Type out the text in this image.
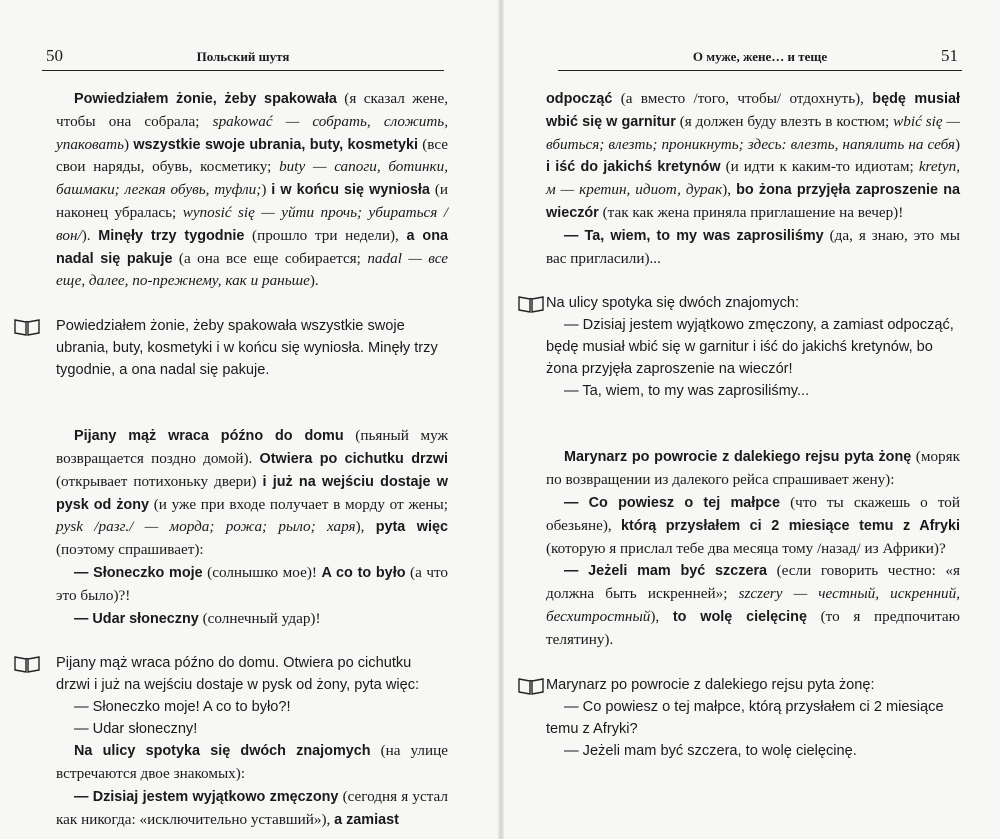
50	Польский шутя

Powiedziałem żonie, żeby spakowała (я сказал жене, чтобы она собрала; spakować — собрать, сложить, упаковать) wszystkie swoje ubrania, buty, kosmetyki (все свои наряды, обувь, косметику; buty — сапоги, ботинки, башмаки; легкая обувь, туфли;) i w końcu się wyniosła (и наконец убралась; wynosić się — уйти прочь; убираться /вон/). Minęły trzy tygodnie (прошло три недели), a ona nadal się pakuje (а она все еще собирается; nadal — все еще, далее, по-прежнему, как и раньше).

Powiedziałem żonie, żeby spakowała wszystkie swoje ubrania, buty, kosmetyki i w końcu się wyniosła. Minęły trzy tygodnie, a ona nadal się pakuje.

Pijany mąż wraca późno do domu (пьяный муж возвращается поздно домой). Otwiera po cichutku drzwi (открывает потихоньку двери) i już na wejściu dostaje w pysk od żony (и уже при входе получает в морду от жены; pysk /разг./ — морда; рожа; рыло; харя), pyta więc (поэтому спрашивает):

— Słoneczko moje (солнышко мое)! A co to było (а что это было)?!

— Udar słoneczny (солнечный удар)!

Pijany mąż wraca późno do domu. Otwiera po cichutku drzwi i już na wejściu dostaje w pysk od żony, pyta więc:

— Słoneczko moje! A co to było?!

— Udar słoneczny!

Na ulicy spotyka się dwóch znajomych (на улице встречаются двое знакомых):

— Dzisiaj jestem wyjątkowo zmęczony (сегодня я устал как никогда: «исключительно уставший»), a zamiast

О муже, жене… и теще	51

odpocząć (а вместо /того, чтобы/ отдохнуть), będę musiał wbić się w garnitur (я должен буду влезть в костюм; wbić się — вбиться; влезть; проникнуть; здесь: влезть, напялить на себя) i iść do jakichś kretynów (и идти к каким-то идиотам; kretyn, м — кретин, идиот, дурак), bo żona przyjęła zaproszenie na wieczór (так как жена приняла приглашение на вечер)!

— Ta, wiem, to my was zaprosiliśmy (да, я знаю, это мы вас пригласили)...

Na ulicy spotyka się dwóch znajomych:

— Dzisiaj jestem wyjątkowo zmęczony, a zamiast odpocząć, będę musiał wbić się w garnitur i iść do jakichś kretynów, bo żona przyjęła zaproszenie na wieczór!

— Ta, wiem, to my was zaprosiliśmy...

Marynarz po powrocie z dalekiego rejsu pyta żonę (моряк по возвращении из далекого рейса спрашивает жену):

— Co powiesz o tej małpce (что ты скажешь о той обезьяне), którą przysłałem ci 2 miesiące temu z Afryki (которую я прислал тебе два месяца тому /назад/ из Африки)?

— Jeżeli mam być szczera (если говорить честно: «я должна быть искренней»; szczery — честный, искренний, бесхитростный), to wolę cielęcinę (то я предпочитаю телятину).

Marynarz po powrocie z dalekiego rejsu pyta żonę:

— Co powiesz o tej małpce, którą przysłałem ci 2 miesiące temu z Afryki?

— Jeżeli mam być szczera, to wolę cielęcinę.
